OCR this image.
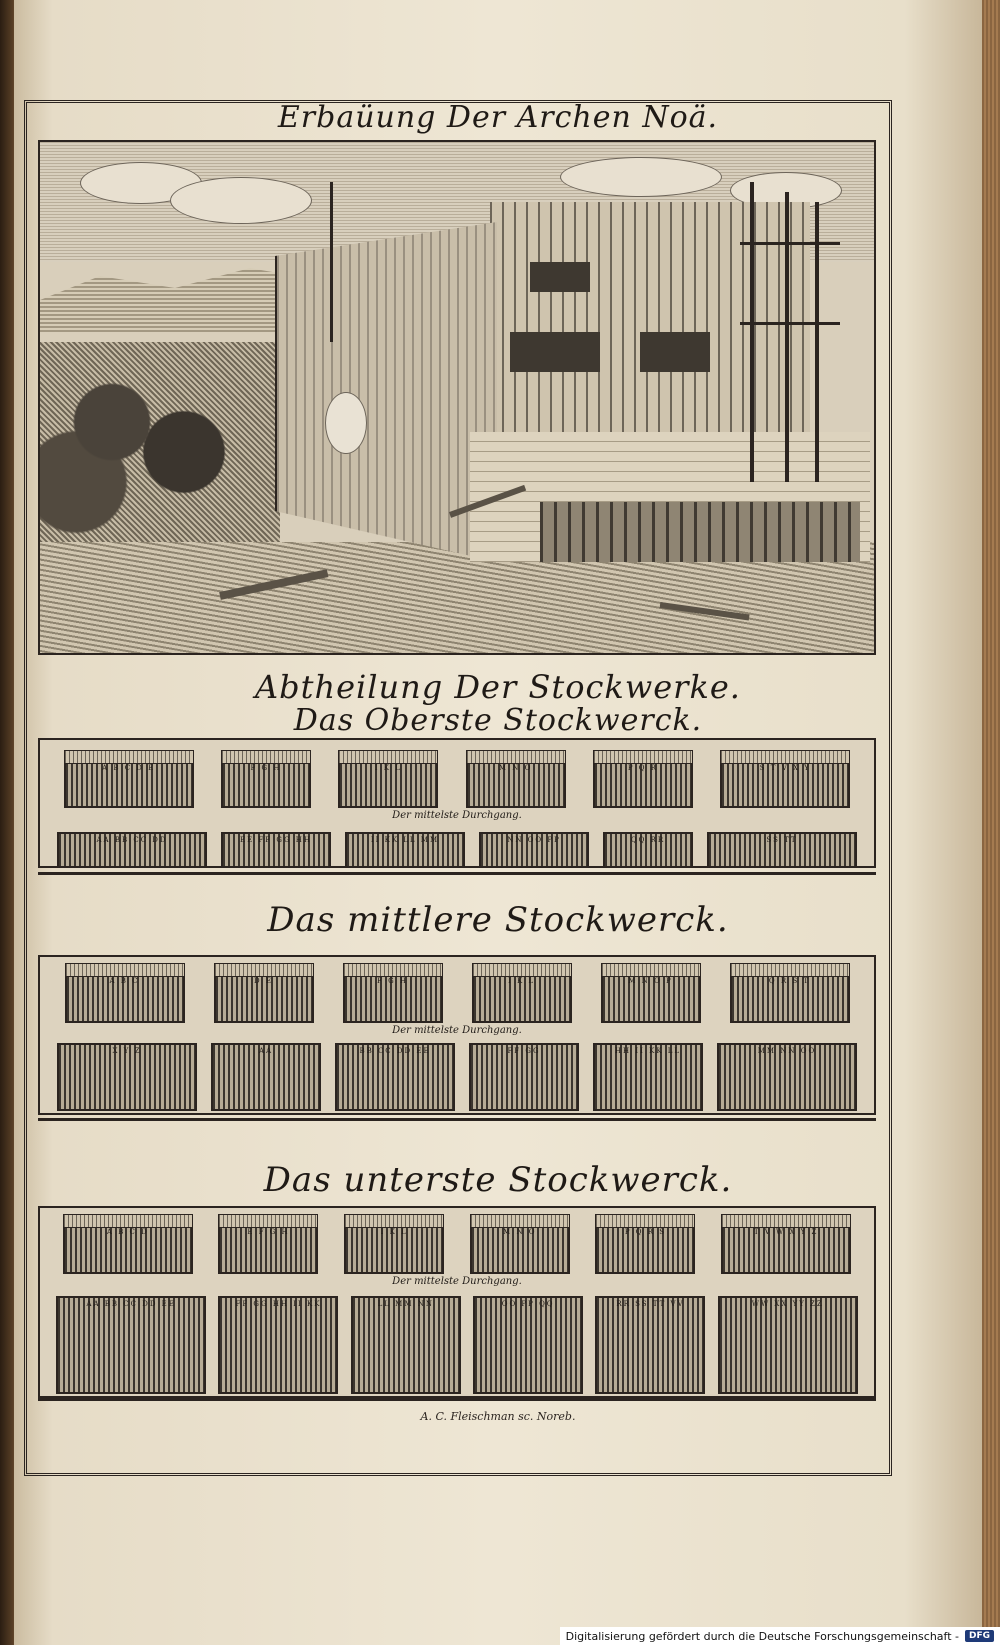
Erbaüung Der Archen Noä.
Abtheilung Der Stockwerke.
Das Oberste Stockwerck.
A B C D E	F G H	I K L	M N O	P Q R	S T V X Y
Der mittelste Durchgang.
AA BB CC DD	EE FF GG HH	II KK LL MM	NN OO PP	QQ RR	SS TT
Das mittlere Stockwerck.
A B C	D E	F G H	I K L	M N O P	Q R S T
Der mittelste Durchgang.
X Y Z	AA	BB CC DD EE	FF GG	HH II KK LL	MM NN OO
Das unterste Stockwerck.
A B C D	E F G H	I K L	M N O	P Q R S	T V W X Y Z
Der mittelste Durchgang.
AA BB CC DD EE	FF GG HH II KK	LL MM NN	OO PP QQ	RR SS TT VV	WW XX YY ZZ
A. C. Fleischman sc. Noreb.
Digitalisierung gefördert durch die Deutsche Forschungsgemeinschaft -	DFG
